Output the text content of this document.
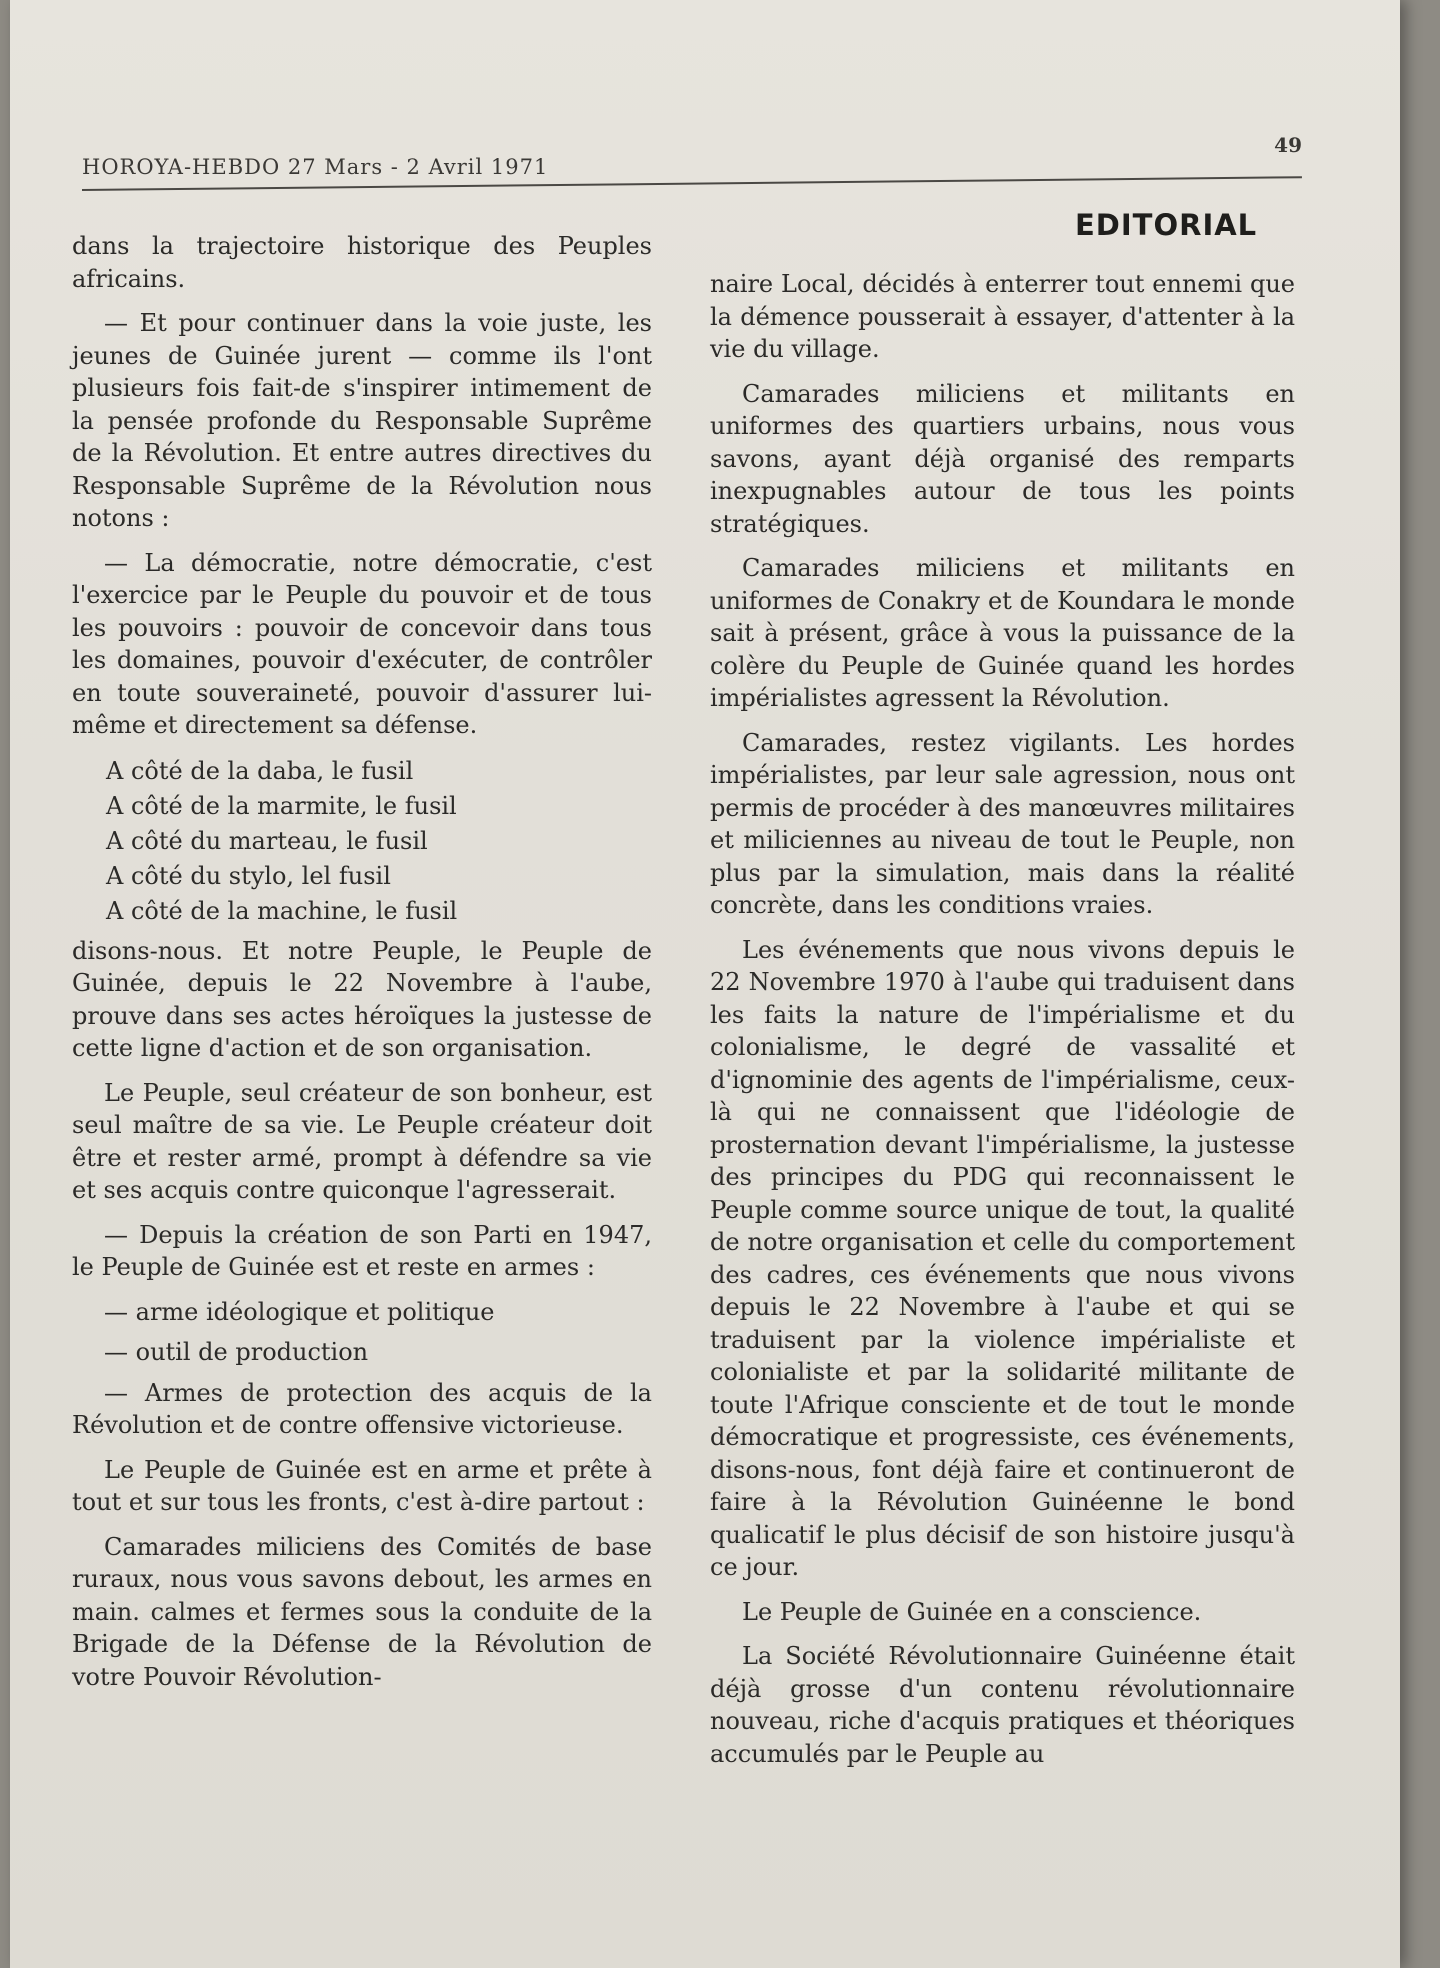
HOROYA-HEBDO 27 Mars - 2 Avril 1971
49
EDITORIAL

dans la trajectoire historique des Peuples africains.

— Et pour continuer dans la voie juste, les jeunes de Guinée jurent — comme ils l'ont plusieurs fois fait-de s'inspirer intimement de la pensée profonde du Responsable Suprême de la Révolution. Et entre autres directives du Responsable Suprême de la Révolution nous notons :

— La démocratie, notre démocratie, c'est l'exercice par le Peuple du pouvoir et de tous les pouvoirs : pouvoir de concevoir dans tous les domaines, pouvoir d'exécuter, de contrôler en toute souveraineté, pouvoir d'assurer lui-même et directement sa défense.

A côté de la daba, le fusil

A côté de la marmite, le fusil

A côté du marteau, le fusil

A côté du stylo, lel fusil

A côté de la machine, le fusil

disons-nous. Et notre Peuple, le Peuple de Guinée, depuis le 22 Novembre à l'aube, prouve dans ses actes héroïques la justesse de cette ligne d'action et de son organisation.

Le Peuple, seul créateur de son bonheur, est seul maître de sa vie. Le Peuple créateur doit être et rester armé, prompt à défendre sa vie et ses acquis contre quiconque l'agresserait.

— Depuis la création de son Parti en 1947, le Peuple de Guinée est et reste en armes :

— arme idéologique et politique

— outil de production

— Armes de protection des acquis de la Révolution et de contre offensive victorieuse.

Le Peuple de Guinée est en arme et prête à tout et sur tous les fronts, c'est à-dire partout :

Camarades miliciens des Comités de base ruraux, nous vous savons debout, les armes en main. calmes et fermes sous la conduite de la Brigade de la Défense de la Révolution de votre Pouvoir Révolution-

naire Local, décidés à enterrer tout ennemi que la démence pousserait à essayer, d'attenter à la vie du village.

Camarades miliciens et militants en uniformes des quartiers urbains, nous vous savons, ayant déjà organisé des remparts inexpugnables autour de tous les points stratégiques.

Camarades miliciens et militants en uniformes de Conakry et de Koundara le monde sait à présent, grâce à vous la puissance de la colère du Peuple de Guinée quand les hordes impérialistes agressent la Révolution.

Camarades, restez vigilants. Les hordes impérialistes, par leur sale agression, nous ont permis de procéder à des manœuvres militaires et miliciennes au niveau de tout le Peuple, non plus par la simulation, mais dans la réalité concrète, dans les conditions vraies.

Les événements que nous vivons depuis le 22 Novembre 1970 à l'aube qui traduisent dans les faits la nature de l'impérialisme et du colonialisme, le degré de vassalité et d'ignominie des agents de l'impérialisme, ceux-là qui ne connaissent que l'idéologie de prosternation devant l'impérialisme, la justesse des principes du PDG qui reconnaissent le Peuple comme source unique de tout, la qualité de notre organisation et celle du comportement des cadres, ces événements que nous vivons depuis le 22 Novembre à l'aube et qui se traduisent par la violence impérialiste et colonialiste et par la solidarité militante de toute l'Afrique consciente et de tout le monde démocratique et progressiste, ces événements, disons-nous, font déjà faire et continueront de faire à la Révolution Guinéenne le bond qualicatif le plus décisif de son histoire jusqu'à ce jour.

Le Peuple de Guinée en a conscience.

La Société Révolutionnaire Guinéenne était déjà grosse d'un contenu révolutionnaire nouveau, riche d'acquis pratiques et théoriques accumulés par le Peuple au
